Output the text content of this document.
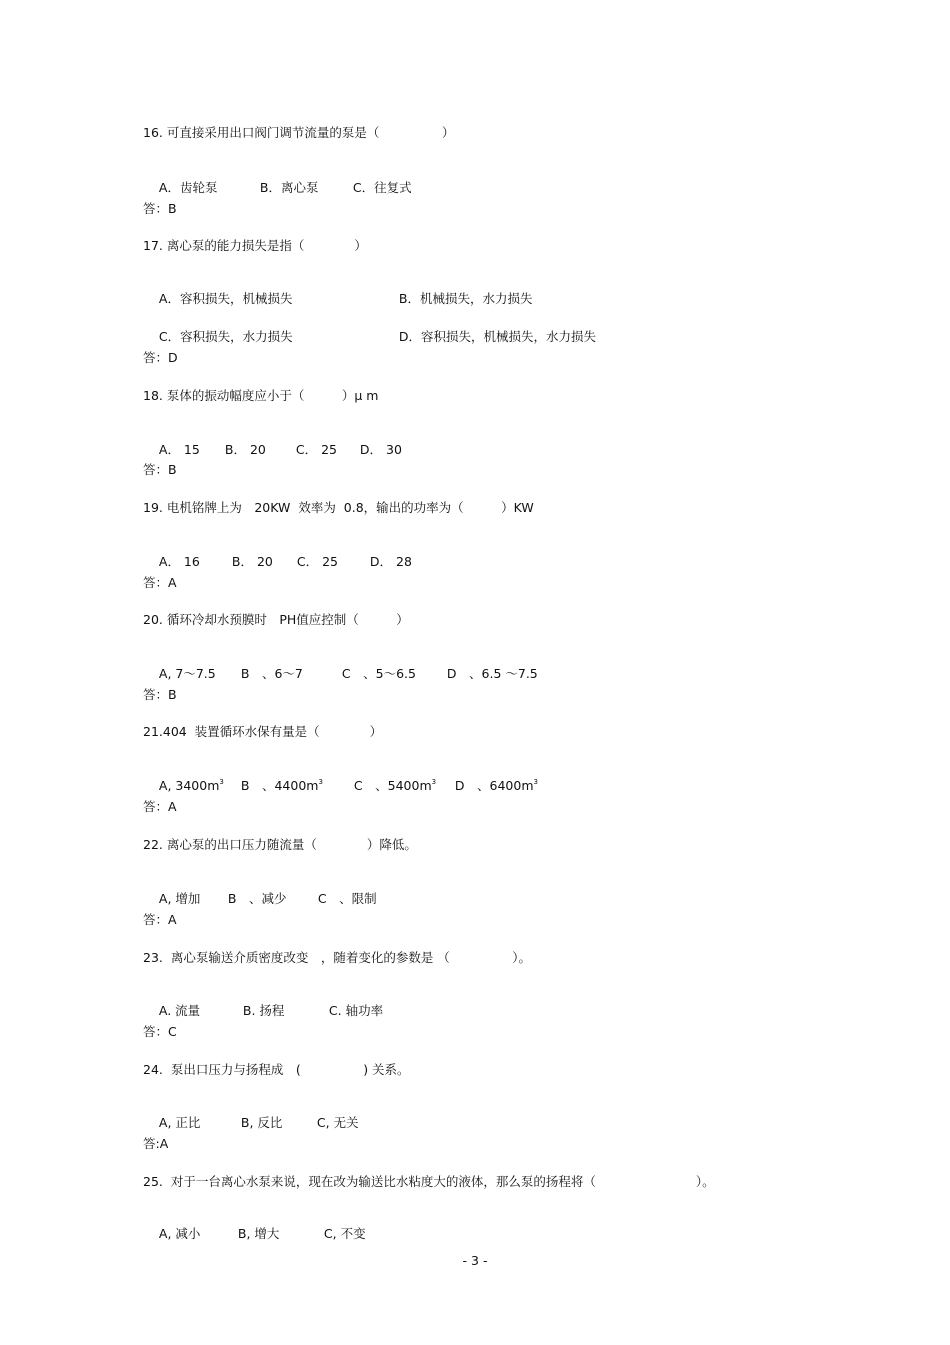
16. 可直接采用出口阀门调节流量的泵是（　　　　　）

A．齿轮泵	B．离心泵	C．往复式

答：B
17. 离心泵的能力损失是指（　　　　）

A．容积损失，机械损失	B．机械损失，水力损失

C．容积损失，水力损失	D．容积损失，机械损失，水力损失

答：D
18. 泵体的振动幅度应小于（　　　）μ m

A． 15 B． 20 C． 25 D． 30

答：B
19. 电机铭牌上为　20KW  效率为  0.8，输出的功率为（　　　）KW

A． 16	B． 20 C． 25	D． 28

答：A
20. 循环冷却水预膜时　PH值应控制（　　　）

A, 7～7.5 B　、6～7	C　、5～6.5 D　、6.5 ～7.5

答：B
21.404  装置循环水保有量是（　　　　）

A, $3400m^3$ B　、$4400m^3$ C　、$5400m^3$ D　、$6400m^3$

答：A
22. 离心泵的出口压力随流量（　　　　）降低。

A, 增加 B　、减少	C　、限制

答：A
23.  离心泵输送介质密度改变　，随着变化的参数是 （　　　　　）。

A. 流量	B. 扬程	C. 轴功率

答：C
24.  泵出口压力与扬程成　(　　　　　) 关系。

A, 正比	B, 反比	C, 无关

答:A
25.  对于一台离心水泵来说，现在改为输送比水粘度大的液体，那么泵的扬程将（　　　　　　　　）。

A, 减小	B, 增大	C, 不变

- 3 -
